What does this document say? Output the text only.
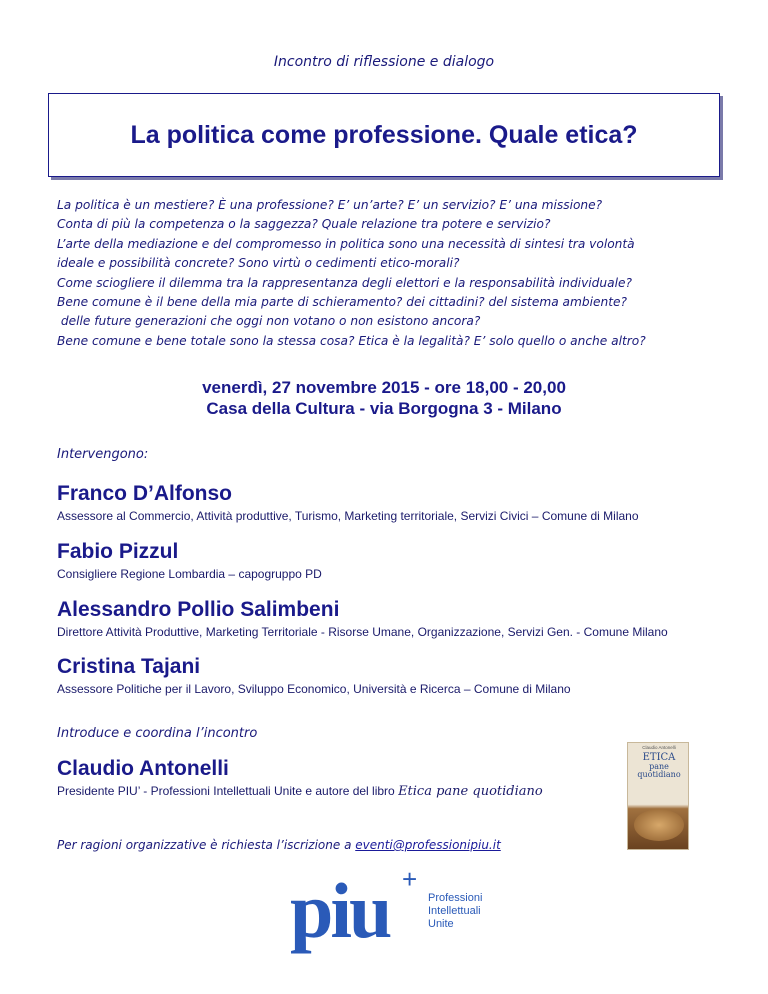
Incontro di riflessione e dialogo
La politica come professione. Quale etica?
La politica è un mestiere? È una professione? E’ un’arte? E’ un servizio? E’ una missione?
Conta di più la competenza o la saggezza? Quale relazione tra potere e servizio?
L’arte della mediazione e del compromesso in politica sono una necessità di sintesi tra volontà
ideale e possibilità concrete? Sono virtù o cedimenti etico-morali?
Come sciogliere il dilemma tra la rappresentanza degli elettori e la responsabilità individuale?
Bene comune è il bene della mia parte di schieramento? dei cittadini? del sistema ambiente?
delle future generazioni che oggi non votano o non esistono ancora?
Bene comune e bene totale sono la stessa cosa? Etica è la legalità? E’ solo quello o anche altro?
venerdì, 27 novembre 2015 - ore 18,00 - 20,00
Casa della Cultura - via Borgogna 3 - Milano
Intervengono:
Franco D’Alfonso
Assessore al Commercio, Attività produttive, Turismo, Marketing territoriale, Servizi Civici – Comune di Milano
Fabio Pizzul
Consigliere Regione Lombardia – capogruppo PD
Alessandro Pollio Salimbeni
Direttore Attività Produttive, Marketing Territoriale - Risorse Umane, Organizzazione, Servizi Gen. - Comune Milano
Cristina Tajani
Assessore Politiche per il Lavoro, Sviluppo Economico, Università e Ricerca – Comune di Milano
Introduce e coordina l’incontro
Claudio Antonelli
Presidente PIU’ - Professioni Intellettuali Unite e autore del libro Etica pane quotidiano
Claudio Antonelli
ETICA
pane
quotidiano
Per ragioni organizzative è richiesta l’iscrizione a eventi@professionipiu.it
piu +
Professioni
Intellettuali
Unite
